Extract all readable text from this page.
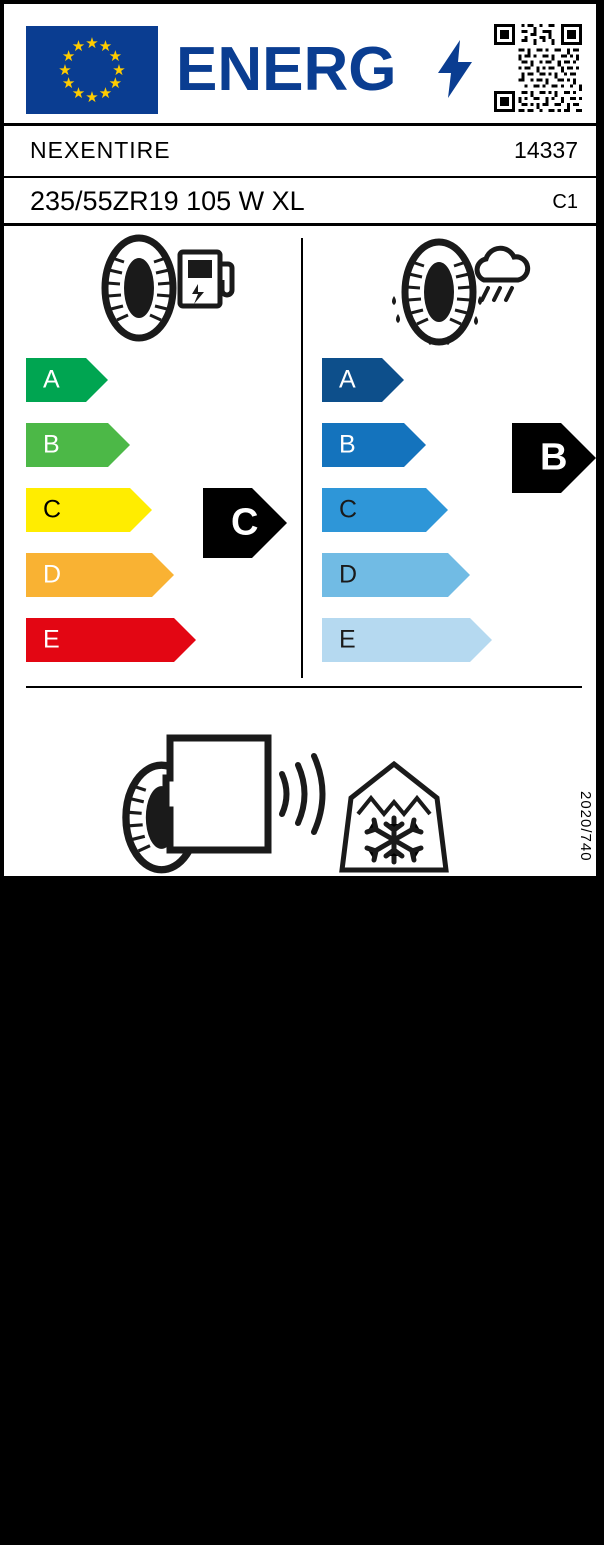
★ ★
★
★
★
★
★
★
★
★
★
★ ENERG
NEXENTIRE	14337
235/55ZR19 105 W XL	C1
A
B
C
D
E
C
A
B
C
D
E
B
72 dB
ABC
2020/740
